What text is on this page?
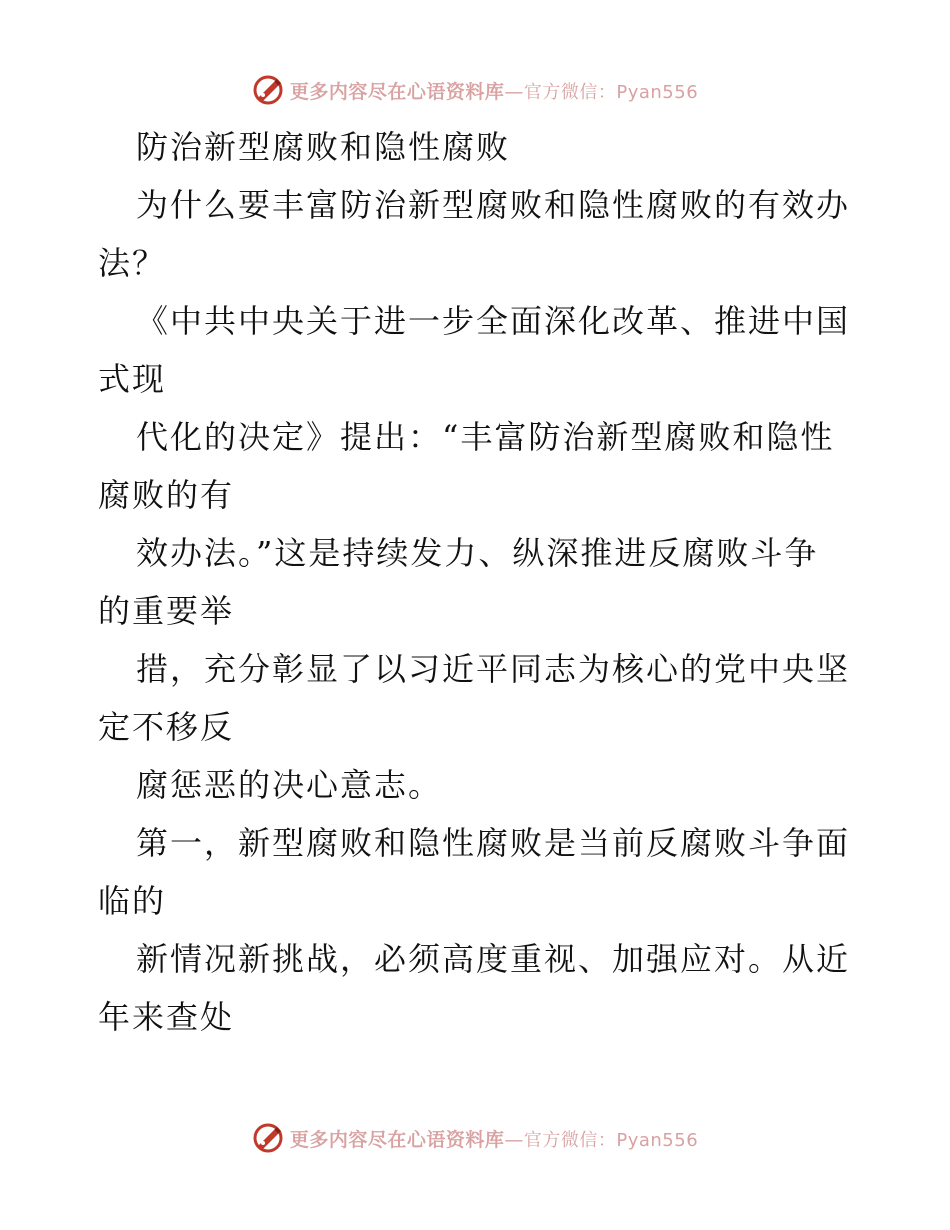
更多内容尽在心语资料库—官方微信：Pyan556
防治新型腐败和隐性腐败
为什么要丰富防治新型腐败和隐性腐败的有效办
法？
《中共中央关于进一步全面深化改革、推进中国
式现
代化的决定》提出：“丰富防治新型腐败和隐性
腐败的有
效办法。”这是持续发力、纵深推进反腐败斗争
的重要举
措，充分彰显了以习近平同志为核心的党中央坚
定不移反
腐惩恶的决心意志。
第一，新型腐败和隐性腐败是当前反腐败斗争面
临的
新情况新挑战，必须高度重视、加强应对。从近
年来查处
更多内容尽在心语资料库—官方微信：Pyan556
